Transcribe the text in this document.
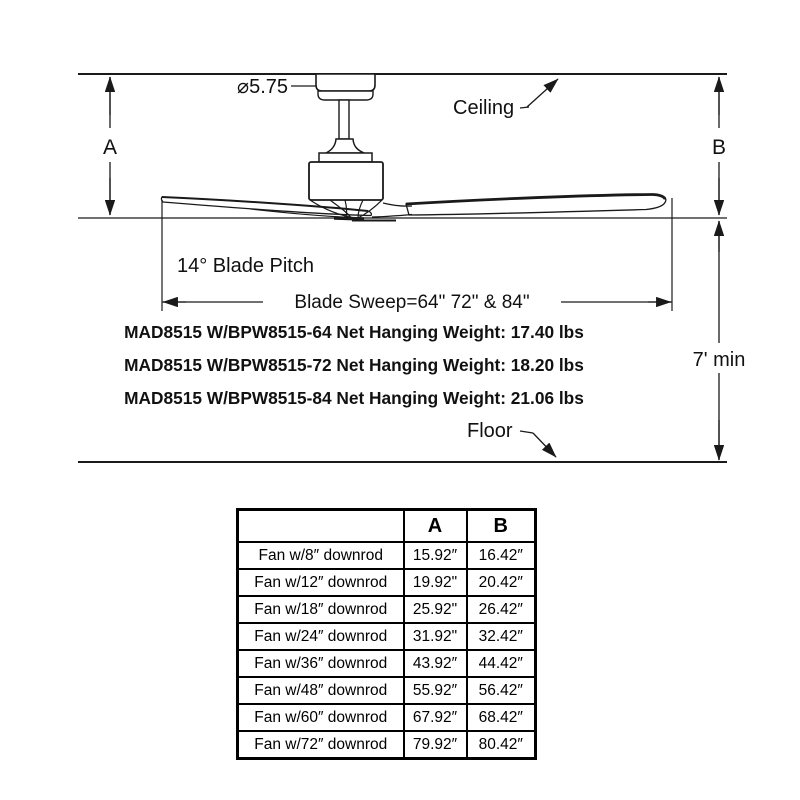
A	B
7' min
⌀5.75
Ceiling
Floor
14° Blade Pitch
Blade Sweep=64" 72" & 84"
MAD8515 W/BPW8515-64 Net Hanging Weight: 17.40 lbs
MAD8515 W/BPW8515-72 Net Hanging Weight: 18.20 lbs
MAD8515 W/BPW8515-84 Net Hanging Weight: 21.06 lbs
	A	B
Fan w/8″ downrod	15.92″	16.42″
Fan w/12″ downrod	19.92"	20.42″
Fan w/18″ downrod	25.92"	26.42″
Fan w/24″ downrod	31.92"	32.42″
Fan w/36″ downrod	43.92″	44.42″
Fan w/48″ downrod	55.92″	56.42″
Fan w/60″ downrod	67.92″	68.42″
Fan w/72″ downrod	79.92″	80.42″
